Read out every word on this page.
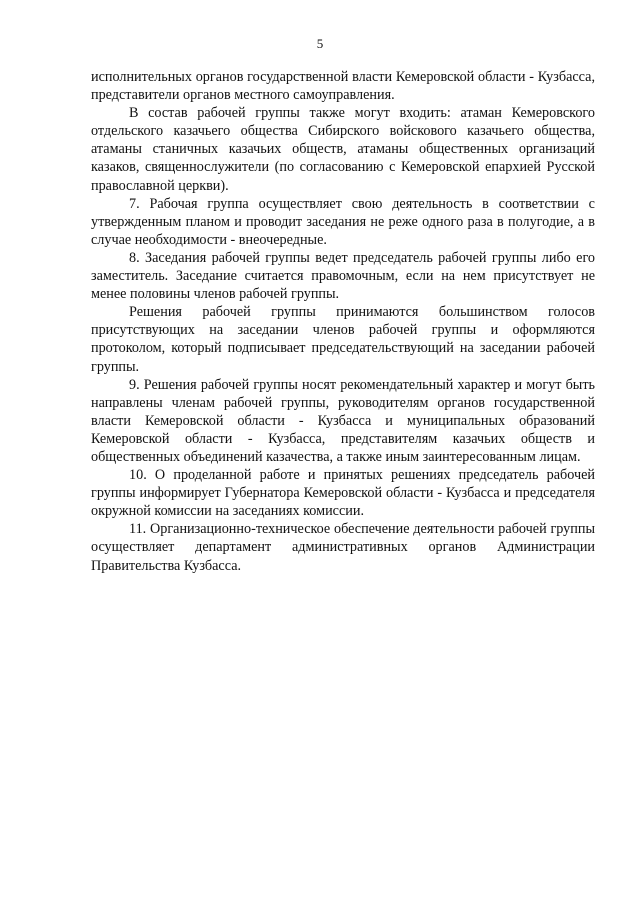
5

исполнительных органов государственной власти Кемеровской области - Кузбасса, представители органов местного самоуправления.

В состав рабочей группы также могут входить: атаман Кемеровского отдельского казачьего общества Сибирского войскового казачьего общества, атаманы станичных казачьих обществ, атаманы общественных организаций казаков, священнослужители (по согласованию с Кемеровской епархией Русской православной церкви).

7. Рабочая группа осуществляет свою деятельность в соответствии с утвержденным планом и проводит заседания не реже одного раза в полугодие, а в случае необходимости - внеочередные.

8. Заседания рабочей группы ведет председатель рабочей группы либо его заместитель. Заседание считается правомочным, если на нем присутствует не менее половины членов рабочей группы.

Решения рабочей группы принимаются большинством голосов присутствующих на заседании членов рабочей группы и оформляются протоколом, который подписывает председательствующий на заседании рабочей группы.

9. Решения рабочей группы носят рекомендательный характер и могут быть направлены членам рабочей группы, руководителям органов государственной власти Кемеровской области - Кузбасса и муниципальных образований Кемеровской области - Кузбасса, представителям казачьих обществ и общественных объединений казачества, а также иным заинтересованным лицам.

10. О проделанной работе и принятых решениях председатель рабочей группы информирует Губернатора Кемеровской области - Кузбасса и председателя окружной комиссии на заседаниях комиссии.

11. Организационно-техническое обеспечение деятельности рабочей группы осуществляет департамент административных органов Администрации Правительства Кузбасса.
